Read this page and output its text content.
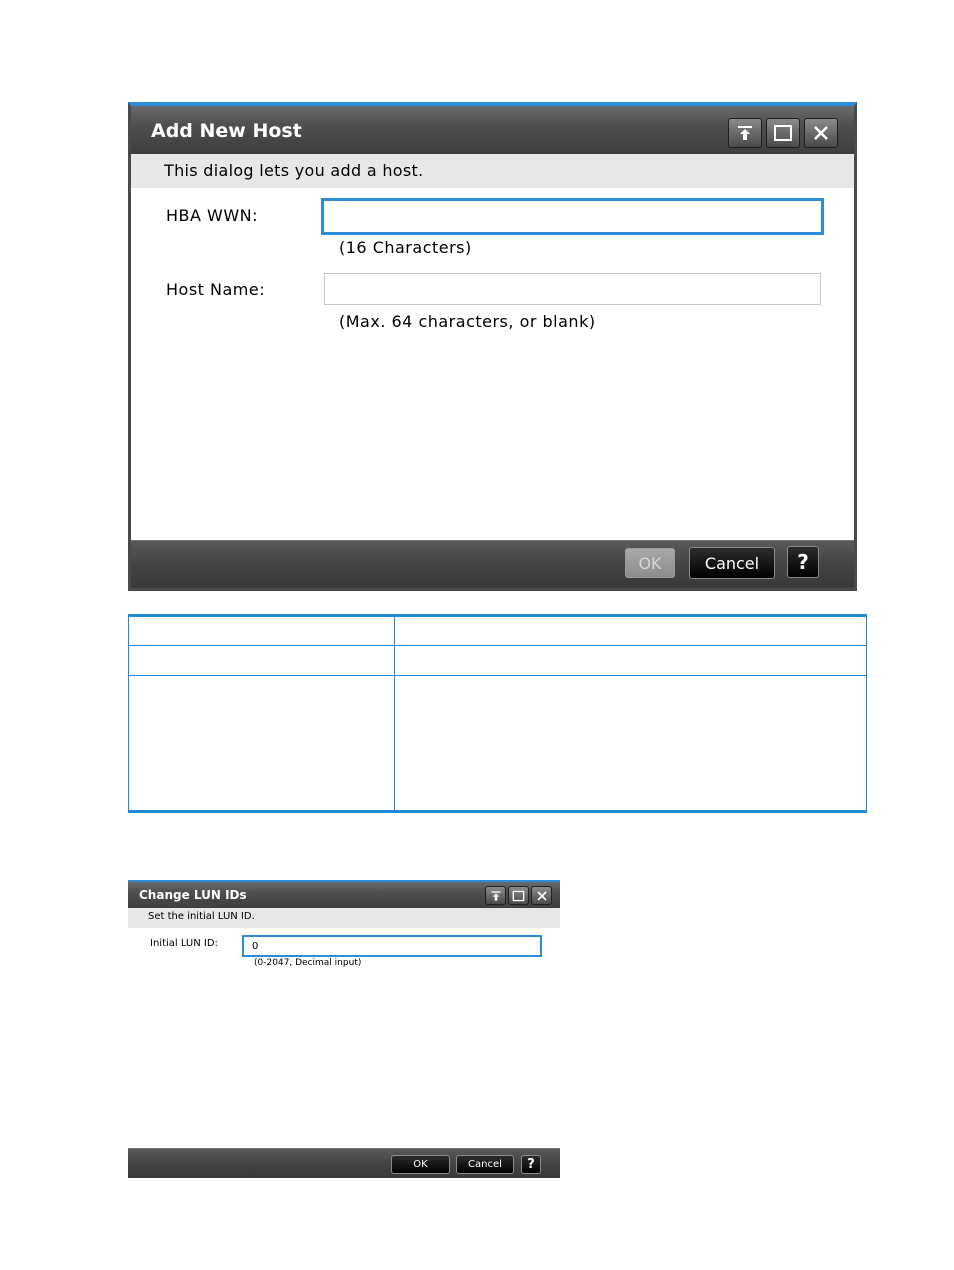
Add New Host
This dialog lets you add a host.
HBA WWN:
(16 Characters)
Host Name:
(Max. 64 characters, or blank)
OK	Cancel	?

Change LUN IDs
Set the initial LUN ID.
Initial LUN ID:
0
(0-2047, Decimal input)
OK	Cancel	?
